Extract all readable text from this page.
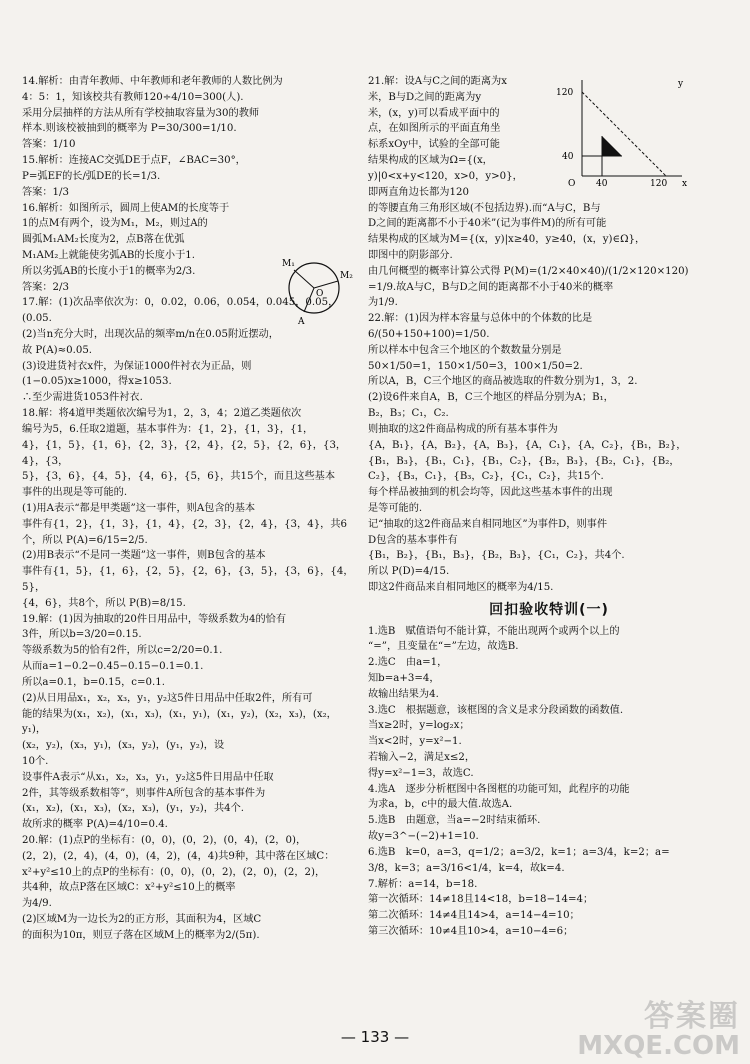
14.解析：由青年教师、中年教师和老年教师的人数比例为
4：5：1，知该校共有教师120÷4/10=300(人).
采用分层抽样的方法从所有学校抽取容量为30的教师
样本.则该校被抽到的概率为 P=30/300=1/10.
答案：1/10
15.解析：连接AC交弧DE于点F，∠BAC=30°，
P=弧EF的长/弧DE的长=1/3.
答案：1/3
16.解析：如图所示，圆周上使AM的长度等于
1的点M有两个，设为M₁，M₂，则过A的
圆弧M₁AM₂长度为2，点B落在优弧
M₁AM₂上就能使劣弧AB的长度小于1.
所以劣弧AB的长度小于1的概率为2/3.
答案：2/3
17.解：(1)次品率依次为：0，0.02，0.06，0.054，0.045，0.05，
(0.05.
(2)当n充分大时，出现次品的频率m/n在0.05附近摆动，
故 P(A)≈0.05.
(3)设进货衬衣x件，为保证1000件衬衣为正品，则
(1−0.05)x≥1000，得x≥1053.
∴至少需进货1053件衬衣.
18.解：将4道甲类题依次编号为1，2，3，4；2道乙类题依次
编号为5，6.任取2道题，基本事件为：{1，2}，{1，3}，{1，
4}，{1，5}，{1，6}，{2，3}，{2，4}，{2，5}，{2，6}，{3，4}，{3，
5}，{3，6}，{4，5}，{4，6}，{5，6}，共15个，而且这些基本
事件的出现是等可能的.
(1)用A表示“都是甲类题”这一事件，则A包含的基本
事件有{1，2}，{1，3}，{1，4}，{2，3}，{2，4}，{3，4}，共6
个，所以 P(A)=6/15=2/5.
(2)用B表示“不是同一类题”这一事件，则B包含的基本
事件有{1，5}，{1，6}，{2，5}，{2，6}，{3，5}，{3，6}，{4，5}，
{4，6}，共8个，所以 P(B)=8/15.
19.解：(1)因为抽取的20件日用品中，等级系数为4的恰有
3件，所以b=3/20=0.15.
等级系数为5的恰有2件，所以c=2/20=0.1.
从而a=1−0.2−0.45−0.15−0.1=0.1.
所以a=0.1，b=0.15，c=0.1.
(2)从日用品x₁，x₂，x₃，y₁，y₂这5件日用品中任取2件，所有可
能的结果为(x₁，x₂)，(x₁，x₃)，(x₁，y₁)，(x₁，y₂)，(x₂，x₃)，(x₂，y₁)，
(x₂，y₂)，(x₃，y₁)，(x₃，y₂)，(y₁，y₂)，设
10个.
设事件A表示“从x₁，x₂，x₃，y₁，y₂这5件日用品中任取
2件，其等级系数相等”，则事件A所包含的基本事件为
(x₁，x₂)，(x₁，x₃)，(x₂，x₃)，(y₁，y₂)，共4个.
故所求的概率 P(A)=4/10=0.4.
20.解：(1)点P的坐标有：(0，0)，(0，2)，(0，4)，(2，0)，
(2，2)，(2，4)，(4，0)，(4，2)，(4，4)共9种，其中落在区域C：
x²+y²≤10上的点P的坐标有：(0，0)，(0，2)，(2，0)，(2，2)，
共4种，故点P落在区域C：x²+y²≤10上的概率
为4/9.
(2)区域M为一边长为2的正方形，其面积为4，区域C
的面积为10π，则豆子落在区域M上的概率为2/(5π).
21.解：设A与C之间的距离为x
米，B与D之间的距离为y
米，(x，y)可以看成平面中的
点，在如图所示的平面直角坐
标系xOy中，试验的全部可能
结果构成的区域为Ω={(x，
y)|0<x+y<120，x>0，y>0}，
即两直角边长都为120
的等腰直角三角形区域(不包括边界).而“A与C，B与
D之间的距离都不小于40米”(记为事件M)的所有可能
结果构成的区域为M={(x，y)|x≥40，y≥40，(x，y)∈Ω}，
即图中的阴影部分.
由几何概型的概率计算公式得 P(M)=(1/2×40×40)/(1/2×120×120)
=1/9.故A与C，B与D之间的距离都不小于40米的概率
为1/9.
22.解：(1)因为样本容量与总体中的个体数的比是
6/(50+150+100)=1/50.
所以样本中包含三个地区的个数数量分别是
50×1/50=1，150×1/50=3，100×1/50=2.
所以A，B，C三个地区的商品被选取的件数分别为1，3，2.
(2)设6件来自A，B，C三个地区的样品分别为A；B₁，
B₂，B₃；C₁，C₂.
则抽取的这2件商品构成的所有基本事件为
{A，B₁}，{A，B₂}，{A，B₃}，{A，C₁}，{A，C₂}，{B₁，B₂}，
{B₁，B₃}，{B₁，C₁}，{B₁，C₂}，{B₂，B₃}，{B₂，C₁}，{B₂，
C₂}，{B₃，C₁}，{B₃，C₂}，{C₁，C₂}，共15个.
每个样品被抽到的机会均等，因此这些基本事件的出现
是等可能的.
记“抽取的这2件商品来自相同地区”为事件D，则事件
D包含的基本事件有
{B₁，B₂}，{B₁，B₃}，{B₂，B₃}，{C₁，C₂}，共4个.
所以 P(D)=4/15.
即这2件商品来自相同地区的概率为4/15.
回扣验收特训(一)
1.选B　赋值语句不能计算，不能出现两个或两个以上的
“=”，且变量在“=”左边，故选B.
2.选C　由a=1，
知b=a+3=4，
故输出结果为4.
3.选C　根据题意，该框图的含义是求分段函数的函数值.
当x≥2时，y=log₂x；
当x<2时，y=x²−1.
若输入−2，满足x≤2，
得y=x²−1=3，故选C.
4.选A　逐步分析框图中各图框的功能可知，此程序的功能
为求a，b，c中的最大值.故选A.
5.选B　由题意，当a=−2时结束循环.
故y=3^−(−2)+1=10.
6.选B　k=0，a=3，q=1/2；a=3/2，k=1；a=3/4，k=2；a=
3/8，k=3；a=3/16<1/4，k=4，故k=4.
7.解析：a=14，b=18.
第一次循环：14≠18且14<18，b=18−14=4；
第二次循环：14≠4且14>4，a=14−4=10；
第三次循环：10≠4且10>4，a=10−4=6；
M₁
M₂
O
A
y
x
120
40
O 40	120
— 133 —
答案圈
MXQE.COM
